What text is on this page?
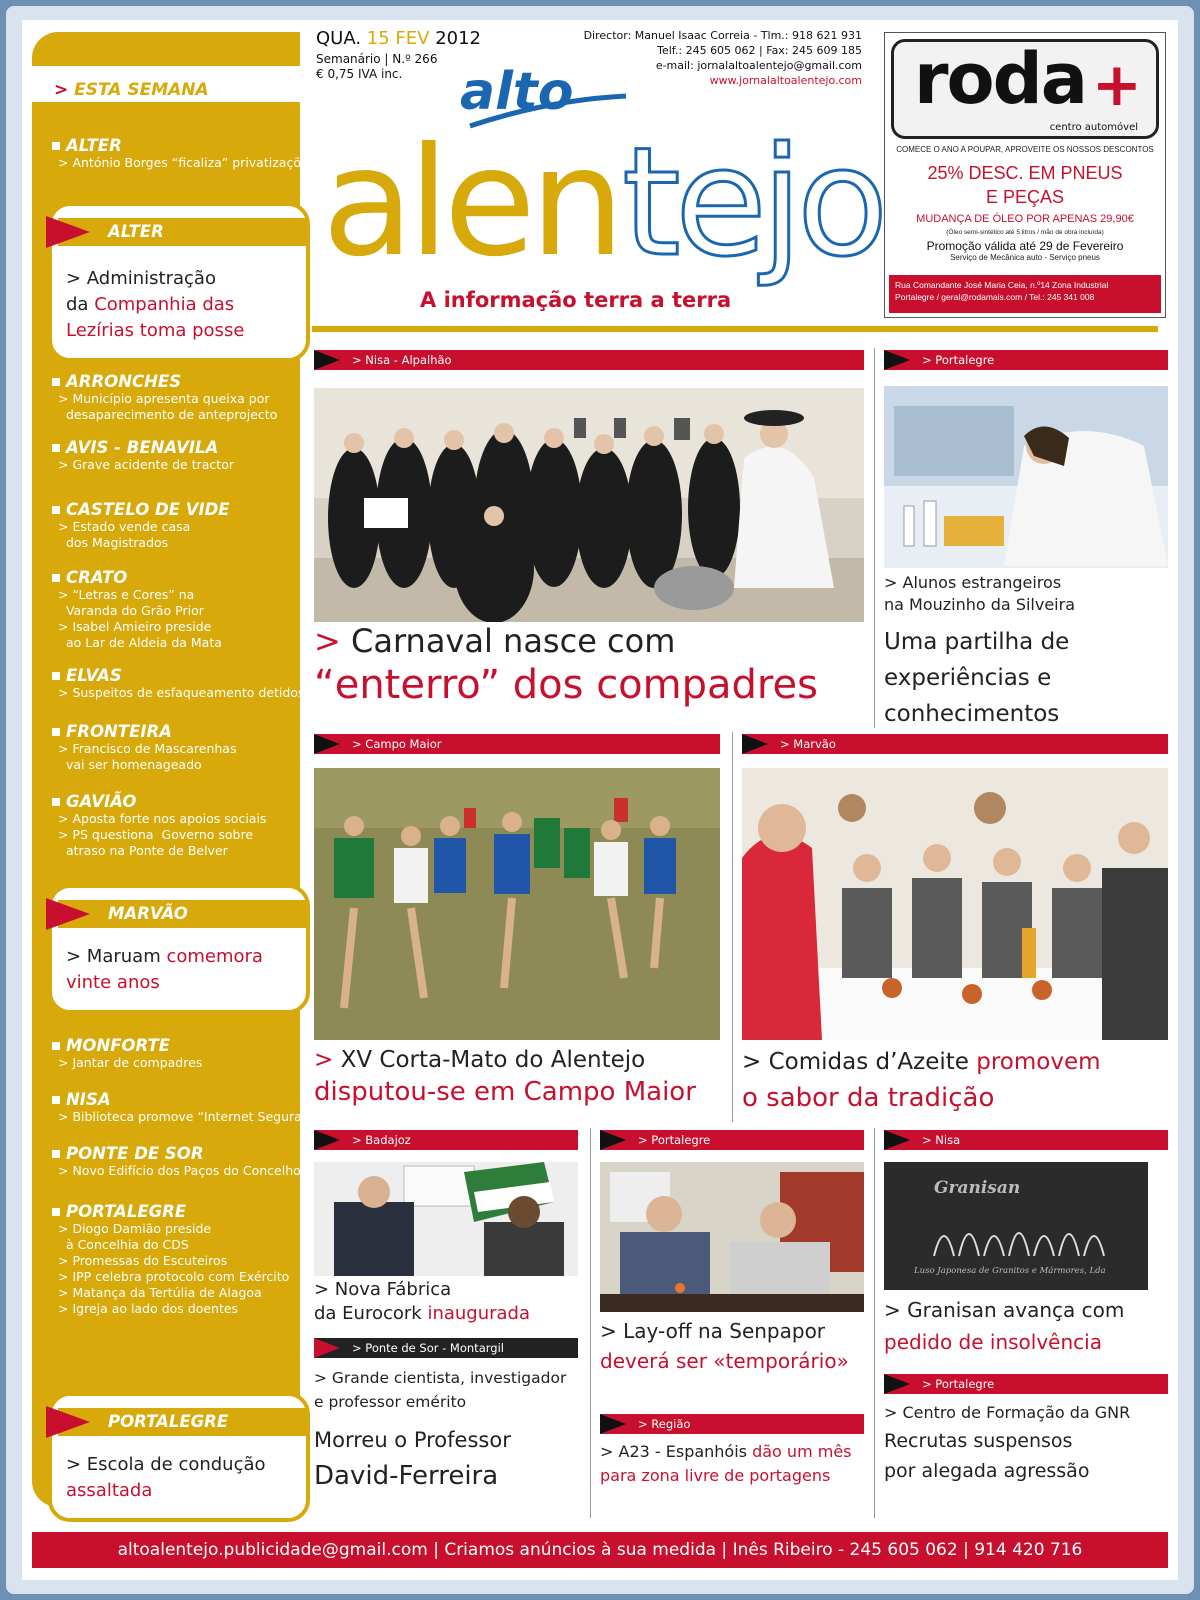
> ESTA SEMANA
ALTER
> António Borges “ficaliza” privatizações
ALTER
> Administração
da Companhia das
Lezírias toma posse
ARRONCHES
> Município apresenta queixa por
desaparecimento de anteprojecto
AVIS - BENAVILA
> Grave acidente de tractor
CASTELO DE VIDE
> Estado vende casa
dos Magistrados
CRATO
> “Letras e Cores” na
Varanda do Grão Prior
> Isabel Amieiro preside
ao Lar de Aldeia da Mata
ELVAS
> Suspeitos de esfaqueamento detidos
FRONTEIRA
> Francisco de Mascarenhas
vai ser homenageado
GAVIÃO
> Aposta forte nos apoios sociais
> PS questiona  Governo sobre
atraso na Ponte de Belver
MARVÃO
> Maruam comemora
vinte anos
MONFORTE
> Jantar de compadres
NISA
> Biblioteca promove “Internet Segura”
PONTE DE SOR
> Novo Edifício dos Paços do Concelho
PORTALEGRE
> Diogo Damião preside
à Concelhia do CDS
> Promessas do Escuteiros
> IPP celebra protocolo com Exército
> Matança da Tertúlia de Alagoa
> Igreja ao lado dos doentes
PORTALEGRE
> Escola de condução
assaltada
QUA. 15 FEV 2012
Semanário | N.º 266
€ 0,75 IVA inc.
Director: Manuel Isaac Correia - Tlm.: 918 621 931
Telf.: 245 605 062 | Fax: 245 609 185
e-mail: jornalaltoalentejo@gmail.com
www.jornalaltoalentejo.com
alto
alen tejo
A informação terra a terra
roda +
centro automóvel
COMECE O ANO A POUPAR, APROVEITE OS NOSSOS DESCONTOS
25% DESC. EM PNEUS E PEÇAS
MUDANÇA DE ÓLEO POR APENAS 29,90€
(Óleo semi-sintético até 5 litros / mão de obra incluída)
Promoção válida até 29 de Fevereiro
Serviço de Mecânica auto - Serviço pneus
Rua Comandante José Maria Ceia, n.º14 Zona Industrial
Portalegre / geral@rodamais.com / Tel.: 245 341 008
> Nisa - Alpalhão
> Carnaval nasce com
“enterro” dos compadres
> Portalegre
> Alunos estrangeiros
na Mouzinho da Silveira
Uma partilha de
experiências e
conhecimentos
> Campo Maior
> XV Corta-Mato do Alentejo
disputou-se em Campo Maior
> Marvão
> Comidas d’Azeite promovem
o sabor da tradição
> Badajoz
> Nova Fábrica
da Eurocork inaugurada
> Ponte de Sor - Montargil
> Grande cientista, investigador
e professor emérito
Morreu o Professor
David-Ferreira
> Portalegre
> Lay-off na Senpapor
deverá ser «temporário»
> Região
> A23 - Espanhóis dão um mês
para zona livre de portagens
> Nisa
Granisan
Luso Japonesa de Granitos e Mármores, Lda
> Granisan avança com
pedido de insolvência
> Portalegre
> Centro de Formação da GNR
Recrutas suspensos
por alegada agressão
altoalentejo.publicidade@gmail.com | Criamos anúncios à sua medida | Inês Ribeiro - 245 605 062 | 914 420 716
